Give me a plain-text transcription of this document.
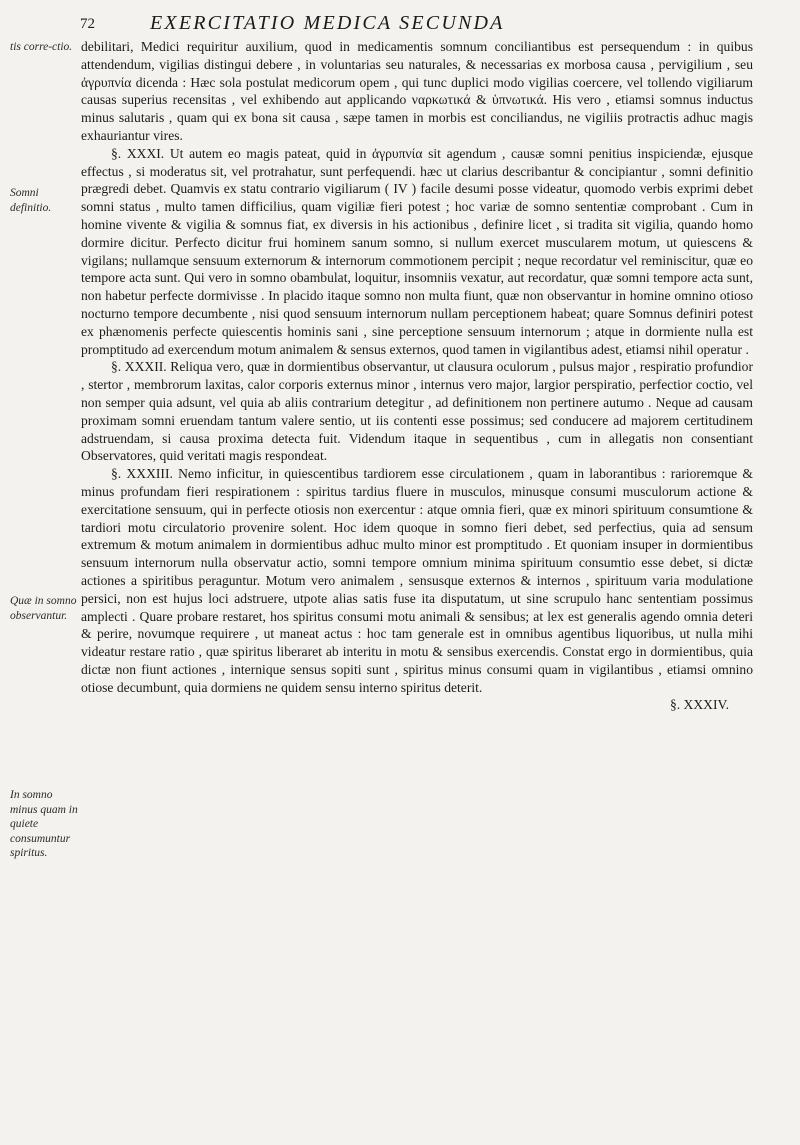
72	EXERCITATIO MEDICA SECUNDA
tis corre-ctio.
Somni definitio.
Quæ in somno observantur.
In somno minus quam in quiete consumuntur spiritus.

debilitari, Medici requiritur auxilium, quod in medicamentis somnum conciliantibus est persequendum : in quibus attendendum, vigilias distingui debere , in voluntarias seu naturales, & necessarias ex morbosa causa , pervigilium , seu ἀγρυπνία dicenda : Hæc sola postulat medicorum opem , qui tunc duplici modo vigilias coercere, vel tollendo vigiliarum causas superius recensitas , vel exhibendo aut applicando ναρκωτικά & ὑπνωτικά. His vero , etiamsi somnus inductus minus salutaris , quam qui ex bona sit causa , sæpe tamen in morbis est conciliandus, ne vigiliis protractis adhuc magis exhauriantur vires.

§. XXXI. Ut autem eo magis pateat, quid in ἀγρυπνία sit agendum , causæ somni penitius inspiciendæ, ejusque effectus , si moderatus sit, vel protrahatur, sunt perfequendi. hæc ut clarius describantur & concipiantur , somni definitio prægredi debet. Quamvis ex statu contrario vigiliarum ( IV ) facile desumi posse videatur, quomodo verbis exprimi debet somni status , multo tamen difficilius, quam vigiliæ fieri potest ; hoc variæ de somno sententiæ comprobant . Cum in homine vivente & vigilia & somnus fiat, ex diversis in his actionibus , definire licet , si tradita sit vigilia, quando homo dormire dicitur. Perfecto dicitur frui hominem sanum somno, si nullum exercet muscularem motum, ut quiescens & vigilans; nullamque sensuum externorum & internorum commotionem percipit ; neque recordatur vel reminiscitur, quæ eo tempore acta sunt. Qui vero in somno obambulat, loquitur, insomniis vexatur, aut recordatur, quæ somni tempore acta sunt, non habetur perfecte dormivisse . In placido itaque somno non multa fiunt, quæ non observantur in homine omnino otioso nocturno tempore decumbente , nisi quod sensuum internorum nullam perceptionem habeat; quare Somnus definiri potest ex phænomenis perfecte quiescentis hominis sani , sine perceptione sensuum internorum ; atque in dormiente nulla est promptitudo ad exercendum motum animalem & sensus externos, quod tamen in vigilantibus adest, etiamsi nihil operatur .

§. XXXII. Reliqua vero, quæ in dormientibus observantur, ut clausura oculorum , pulsus major , respiratio profundior , stertor , membrorum laxitas, calor corporis externus minor , internus vero major, largior perspiratio, perfectior coctio, vel non semper quia adsunt, vel quia ab aliis contrarium detegitur , ad definitionem non pertinere autumo . Neque ad causam proximam somni eruendam tantum valere sentio, ut iis contenti esse possimus; sed conducere ad majorem certitudinem adstruendam, si causa proxima detecta fuit. Videndum itaque in sequentibus , cum in allegatis non consentiant Observatores, quid veritati magis respondeat.

§. XXXIII. Nemo inficitur, in quiescentibus tardiorem esse circulationem , quam in laborantibus : rarioremque & minus profundam fieri respirationem : spiritus tardius fluere in musculos, minusque consumi musculorum actione & exercitatione sensuum, qui in perfecte otiosis non exercentur : atque omnia fieri, quæ ex minori spirituum consumtione & tardiori motu circulatorio provenire solent. Hoc idem quoque in somno fieri debet, sed perfectius, quia ad sensum extremum & motum animalem in dormientibus adhuc multo minor est promptitudo . Et quoniam insuper in dormientibus sensuum internorum nulla observatur actio, somni tempore omnium minima spirituum consumtio esse debet, si dictæ actiones a spiritibus peraguntur. Motum vero animalem , sensusque externos & internos , spirituum varia modulatione persici, non est hujus loci adstruere, utpote alias satis fuse ita disputatum, ut sine scrupulo hanc sententiam possimus amplecti . Quare probare restaret, hos spiritus consumi motu animali & sensibus; at lex est generalis agendo omnia deteri & perire, novumque requirere , ut maneat actus : hoc tam generale est in omnibus agentibus liquoribus, ut nulla mihi videatur restare ratio , quæ spiritus liberaret ab interitu in motu & sensibus exercendis. Constat ergo in dormientibus, quia dictæ non fiunt actiones , internique sensus sopiti sunt , spiritus minus consumi quam in vigilantibus , etiamsi omnino otiose decumbunt, quia dormiens ne quidem sensu interno spiritus deterit.

§. XXXIV.
